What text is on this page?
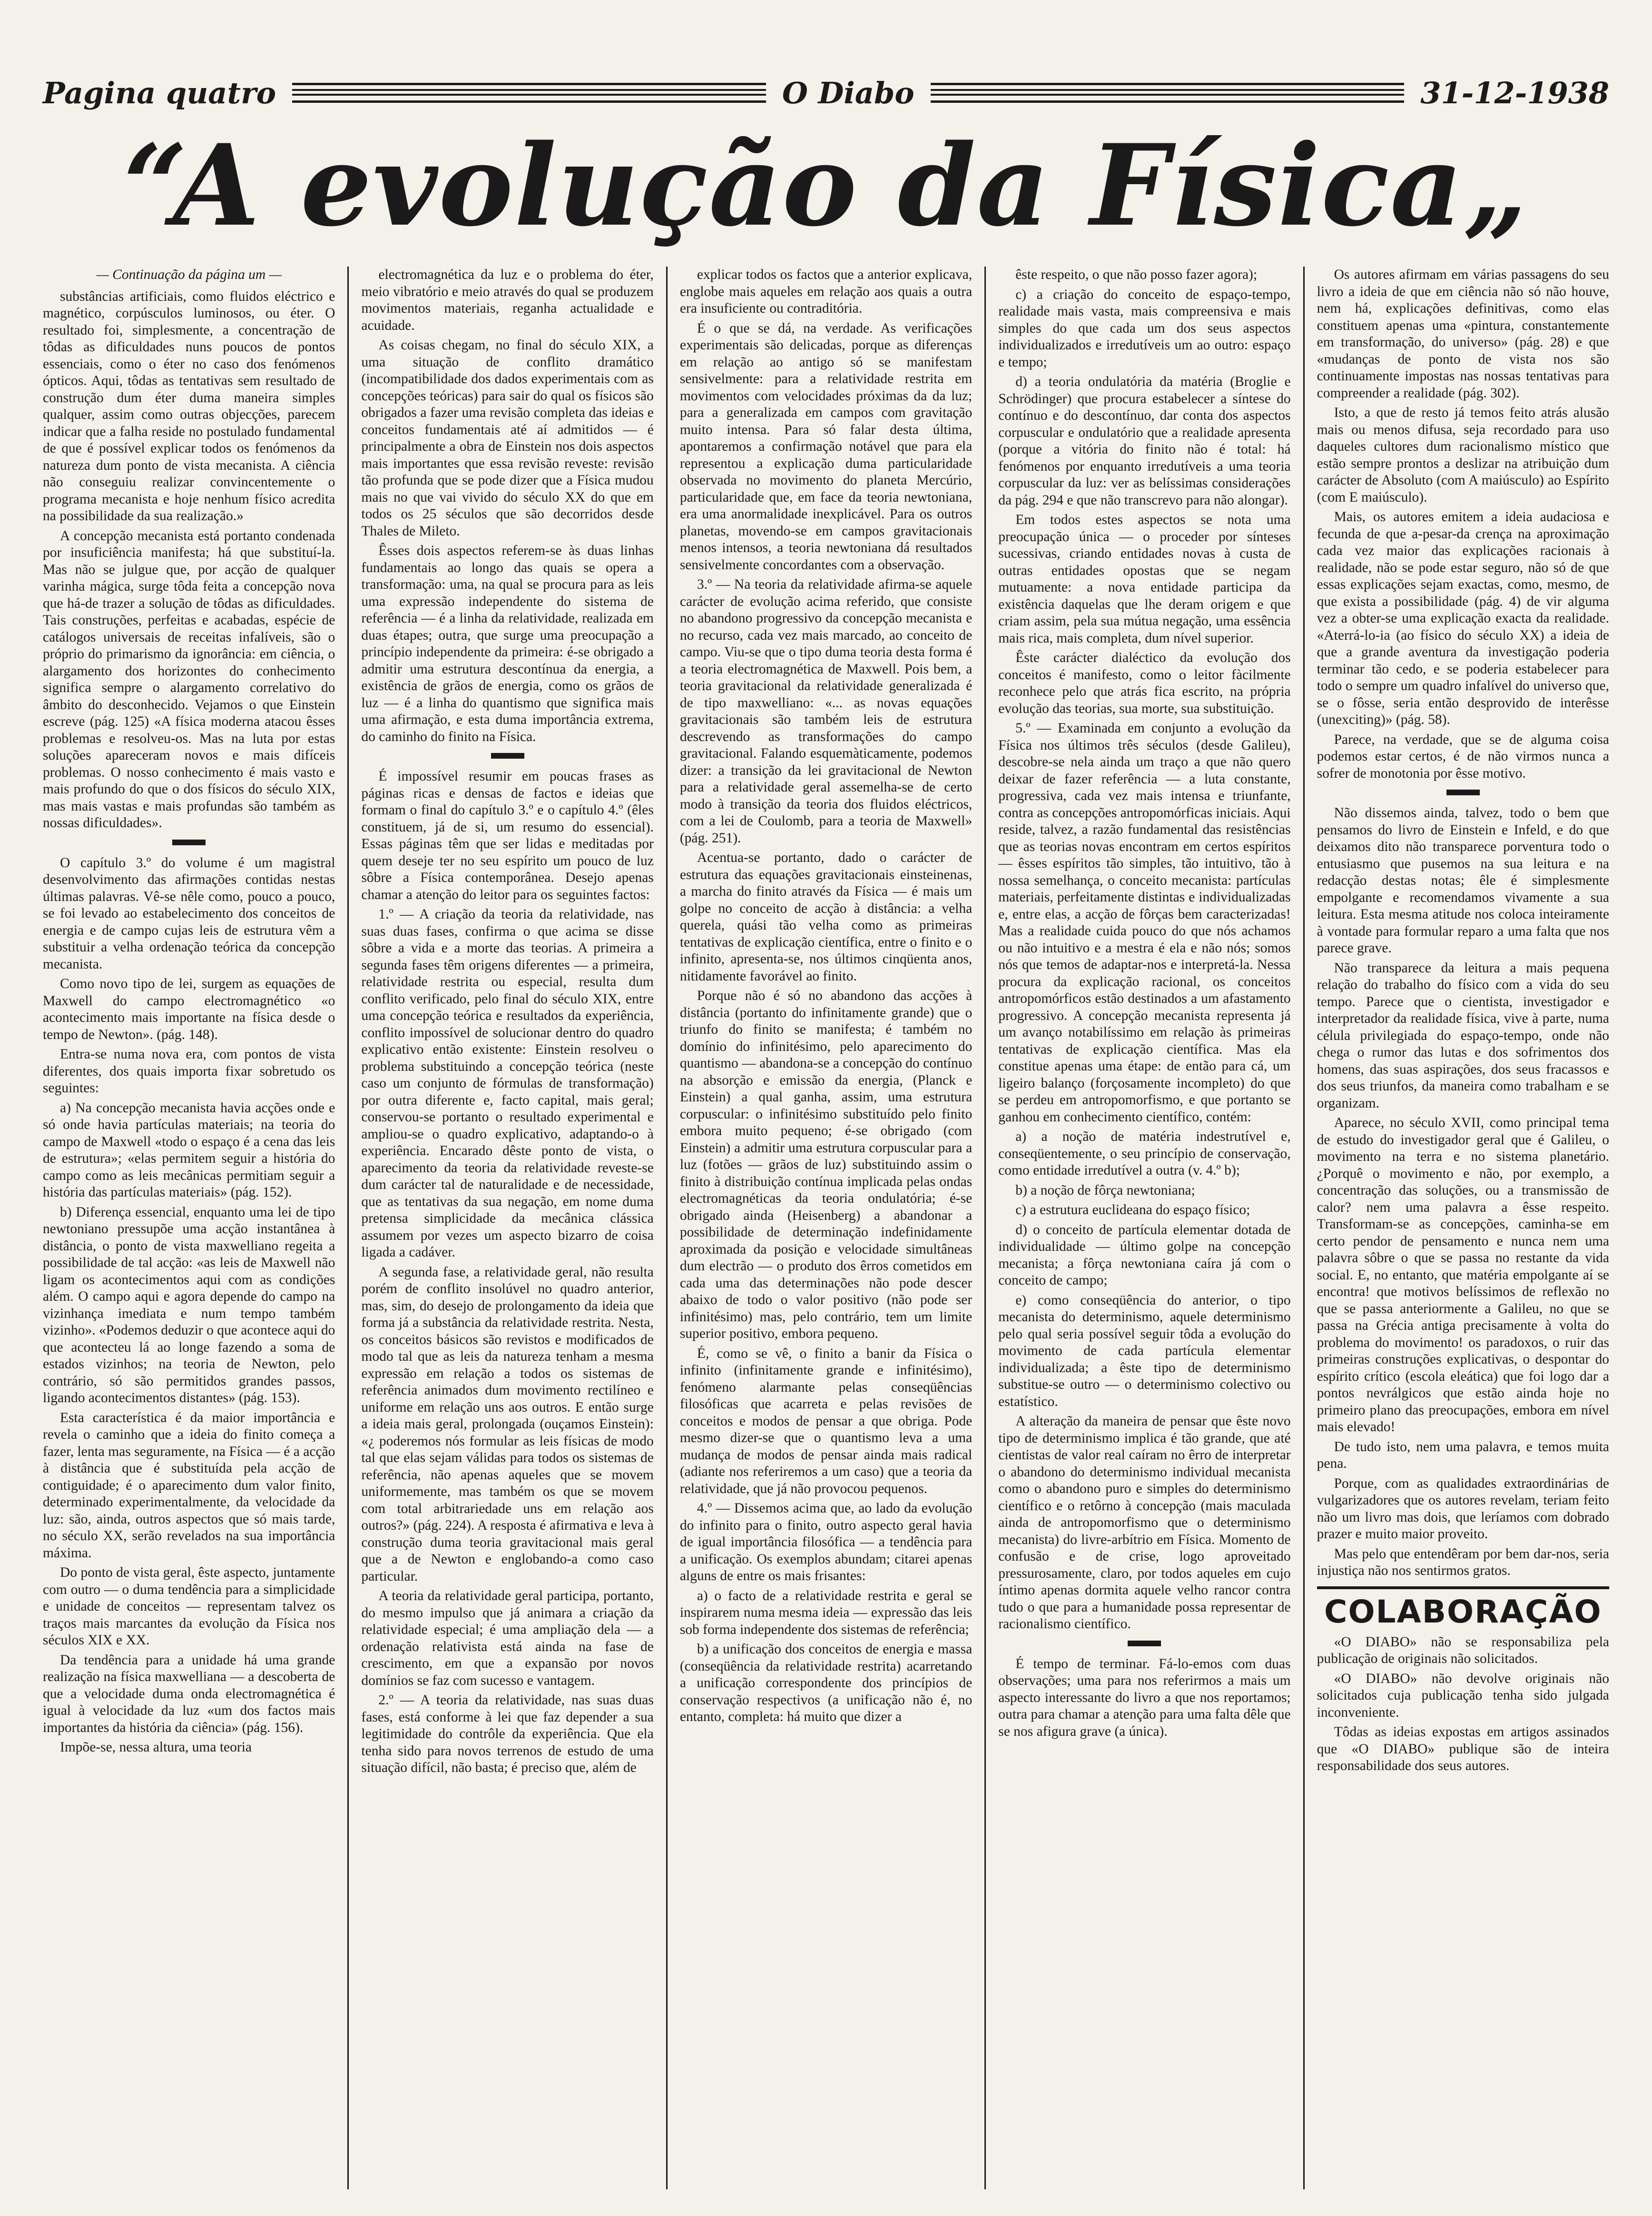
Pagina quatro	O Diabo	31-12-1938
“A evolução da Física„

— Continuação da página um —

substâncias artificiais, como fluidos eléctrico e magnético, corpúsculos luminosos, ou éter. O resultado foi, simplesmente, a concentração de tôdas as dificuldades nuns poucos de pontos essenciais, como o éter no caso dos fenómenos ópticos. Aqui, tôdas as tentativas sem resultado de construção dum éter duma maneira simples qualquer, assim como outras objecções, parecem indicar que a falha reside no postulado fundamental de que é possível explicar todos os fenómenos da natureza dum ponto de vista mecanista. A ciência não conseguiu realizar convincentemente o programa mecanista e hoje nenhum físico acredita na possibilidade da sua realização.»

A concepção mecanista está portanto condenada por insuficiência manifesta; há que substituí-la. Mas não se julgue que, por acção de qualquer varinha mágica, surge tôda feita a concepção nova que há-de trazer a solução de tôdas as dificuldades. Tais construções, perfeitas e acabadas, espécie de catálogos universais de receitas infalíveis, são o próprio do primarismo da ignorância: em ciência, o alargamento dos horizontes do conhecimento significa sempre o alargamento correlativo do âmbito do desconhecido. Vejamos o que Einstein escreve (pág. 125) «A física moderna atacou êsses problemas e resolveu-os. Mas na luta por estas soluções apareceram novos e mais difíceis problemas. O nosso conhecimento é mais vasto e mais profundo do que o dos físicos do século XIX, mas mais vastas e mais profundas são também as nossas dificuldades».

O capítulo 3.º do volume é um magistral desenvolvimento das afirmações contidas nestas últimas palavras. Vê-se nêle como, pouco a pouco, se foi levado ao estabelecimento dos conceitos de energia e de campo cujas leis de estrutura vêm a substituir a velha ordenação teórica da concepção mecanista.

Como novo tipo de lei, surgem as equações de Maxwell do campo electromagnético «o acontecimento mais importante na física desde o tempo de Newton». (pág. 148).

Entra-se numa nova era, com pontos de vista diferentes, dos quais importa fixar sobretudo os seguintes:

a) Na concepção mecanista havia acções onde e só onde havia partículas materiais; na teoria do campo de Maxwell «todo o espaço é a cena das leis de estrutura»; «elas permitem seguir a história do campo como as leis mecânicas permitiam seguir a história das partículas materiais» (pág. 152).

b) Diferença essencial, enquanto uma lei de tipo newtoniano pressupõe uma acção instantânea à distância, o ponto de vista maxwelliano regeita a possibilidade de tal acção: «as leis de Maxwell não ligam os acontecimentos aqui com as condições além. O campo aqui e agora depende do campo na vizinhança imediata e num tempo também vizinho». «Podemos deduzir o que acontece aqui do que acontecteu lá ao longe fazendo a soma de estados vizinhos; na teoria de Newton, pelo contrário, só são permitidos grandes passos, ligando acontecimentos distantes» (pág. 153).

Esta característica é da maior importância e revela o caminho que a ideia do finito começa a fazer, lenta mas seguramente, na Física — é a acção à distância que é substituída pela acção de contiguidade; é o aparecimento dum valor finito, determinado experimentalmente, da velocidade da luz: são, ainda, outros aspectos que só mais tarde, no século XX, serão revelados na sua importância máxima.

Do ponto de vista geral, êste aspecto, juntamente com outro — o duma tendência para a simplicidade e unidade de conceitos — representam talvez os traços mais marcantes da evolução da Física nos séculos XIX e XX.

Da tendência para a unidade há uma grande realização na física maxwelliana — a descoberta de que a velocidade duma onda electromagnética é igual à velocidade da luz «um dos factos mais importantes da história da ciência» (pág. 156).

Impõe-se, nessa altura, uma teoria

electromagnética da luz e o problema do éter, meio vibratório e meio através do qual se produzem movimentos materiais, reganha actualidade e acuidade.

As coisas chegam, no final do século XIX, a uma situação de conflito dramático (incompatibilidade dos dados experimentais com as concepções teóricas) para sair do qual os físicos são obrigados a fazer uma revisão completa das ideias e conceitos fundamentais até aí admitidos — é principalmente a obra de Einstein nos dois aspectos mais importantes que essa revisão reveste: revisão tão profunda que se pode dizer que a Física mudou mais no que vai vivido do século XX do que em todos os 25 séculos que são decorridos desde Thales de Mileto.

Êsses dois aspectos referem-se às duas linhas fundamentais ao longo das quais se opera a transformação: uma, na qual se procura para as leis uma expressão independente do sistema de referência — é a linha da relatividade, realizada em duas étapes; outra, que surge uma preocupação a princípio independente da primeira: é-se obrigado a admitir uma estrutura descontínua da energia, a existência de grãos de energia, como os grãos de luz — é a linha do quantismo que significa mais uma afirmação, e esta duma importância extrema, do caminho do finito na Física.

É impossível resumir em poucas frases as páginas ricas e densas de factos e ideias que formam o final do capítulo 3.º e o capítulo 4.º (êles constituem, já de si, um resumo do essencial). Essas páginas têm que ser lidas e meditadas por quem deseje ter no seu espírito um pouco de luz sôbre a Física contemporânea. Desejo apenas chamar a atenção do leitor para os seguintes factos:

1.º — A criação da teoria da relatividade, nas suas duas fases, confirma o que acima se disse sôbre a vida e a morte das teorias. A primeira a segunda fases têm origens diferentes — a primeira, relatividade restrita ou especial, resulta dum conflito verificado, pelo final do século XIX, entre uma concepção teórica e resultados da experiência, conflito impossível de solucionar dentro do quadro explicativo então existente: Einstein resolveu o problema substituindo a concepção teórica (neste caso um conjunto de fórmulas de transformação) por outra diferente e, facto capital, mais geral; conservou-se portanto o resultado experimental e ampliou-se o quadro explicativo, adaptando-o à experiência. Encarado dêste ponto de vista, o aparecimento da teoria da relatividade reveste-se dum carácter tal de naturalidade e de necessidade, que as tentativas da sua negação, em nome duma pretensa simplicidade da mecânica clássica assumem por vezes um aspecto bizarro de coisa ligada a cadáver.

A segunda fase, a relatividade geral, não resulta porém de conflito insolúvel no quadro anterior, mas, sim, do desejo de prolongamento da ideia que forma já a substância da relatividade restrita. Nesta, os conceitos básicos são revistos e modificados de modo tal que as leis da natureza tenham a mesma expressão em relação a todos os sistemas de referência animados dum movimento rectilíneo e uniforme em relação uns aos outros. E então surge a ideia mais geral, prolongada (ouçamos Einstein): «¿ poderemos nós formular as leis físicas de modo tal que elas sejam válidas para todos os sistemas de referência, não apenas aqueles que se movem uniformemente, mas também os que se movem com total arbitrariedade uns em relação aos outros?» (pág. 224). A resposta é afirmativa e leva à construção duma teoria gravitacional mais geral que a de Newton e englobando-a como caso particular.

A teoria da relatividade geral participa, portanto, do mesmo impulso que já animara a criação da relatividade especial; é uma ampliação dela — a ordenação relativista está ainda na fase de crescimento, em que a expansão por novos domínios se faz com sucesso e vantagem.

2.º — A teoria da relatividade, nas suas duas fases, está conforme à lei que faz depender a sua legitimidade do contrôle da experiência. Que ela tenha sido para novos terrenos de estudo de uma situação difícil, não basta; é preciso que, além de

explicar todos os factos que a anterior explicava, englobe mais aqueles em relação aos quais a outra era insuficiente ou contraditória.

É o que se dá, na verdade. As verificações experimentais são delicadas, porque as diferenças em relação ao antigo só se manifestam sensivelmente: para a relatividade restrita em movimentos com velocidades próximas da da luz; para a generalizada em campos com gravitação muito intensa. Para só falar desta última, apontaremos a confirmação notável que para ela representou a explicação duma particularidade observada no movimento do planeta Mercúrio, particularidade que, em face da teoria newtoniana, era uma anormalidade inexplicável. Para os outros planetas, movendo-se em campos gravitacionais menos intensos, a teoria newtoniana dá resultados sensivelmente concordantes com a observação.

3.º — Na teoria da relatividade afirma-se aquele carácter de evolução acima referido, que consiste no abandono progressivo da concepção mecanista e no recurso, cada vez mais marcado, ao conceito de campo. Viu-se que o tipo duma teoria desta forma é a teoria electromagnética de Maxwell. Pois bem, a teoria gravitacional da relatividade generalizada é de tipo maxwelliano: «... as novas equações gravitacionais são também leis de estrutura descrevendo as transformações do campo gravitacional. Falando esquemàticamente, podemos dizer: a transição da lei gravitacional de Newton para a relatividade geral assemelha-se de certo modo à transição da teoria dos fluidos eléctricos, com a lei de Coulomb, para a teoria de Maxwell» (pág. 251).

Acentua-se portanto, dado o carácter de estrutura das equações gravitacionais einsteinenas, a marcha do finito através da Física — é mais um golpe no conceito de acção à distância: a velha querela, quási tão velha como as primeiras tentativas de explicação científica, entre o finito e o infinito, apresenta-se, nos últimos cinqüenta anos, nitidamente favorável ao finito.

Porque não é só no abandono das acções à distância (portanto do infinitamente grande) que o triunfo do finito se manifesta; é também no domínio do infinitésimo, pelo aparecimento do quantismo — abandona-se a concepção do contínuo na absorção e emissão da energia, (Planck e Einstein) a qual ganha, assim, uma estrutura corpuscular: o infinitésimo substituído pelo finito embora muito pequeno; é-se obrigado (com Einstein) a admitir uma estrutura corpuscular para a luz (fotões — grãos de luz) substituindo assim o finito à distribuição contínua implicada pelas ondas electromagnéticas da teoria ondulatória; é-se obrigado ainda (Heisenberg) a abandonar a possibilidade de determinação indefinidamente aproximada da posição e velocidade simultâneas dum electrão — o produto dos êrros cometidos em cada uma das determinações não pode descer abaixo de todo o valor positivo (não pode ser infinitésimo) mas, pelo contrário, tem um limite superior positivo, embora pequeno.

É, como se vê, o finito a banir da Física o infinito (infinitamente grande e infinitésimo), fenómeno alarmante pelas conseqüências filosóficas que acarreta e pelas revisões de conceitos e modos de pensar a que obriga. Pode mesmo dizer-se que o quantismo leva a uma mudança de modos de pensar ainda mais radical (adiante nos referiremos a um caso) que a teoria da relatividade, que já não provocou pequenos.

4.º — Dissemos acima que, ao lado da evolução do infinito para o finito, outro aspecto geral havia de igual importância filosófica — a tendência para a unificação. Os exemplos abundam; citarei apenas alguns de entre os mais frisantes:

a) o facto de a relatividade restrita e geral se inspirarem numa mesma ideia — expressão das leis sob forma independente dos sistemas de referência;

b) a unificação dos conceitos de energia e massa (conseqüência da relatividade restrita) acarretando a unificação correspondente dos princípios de conservação respectivos (a unificação não é, no entanto, completa: há muito que dizer a

êste respeito, o que não posso fazer agora);

c) a criação do conceito de espaço-tempo, realidade mais vasta, mais compreensiva e mais simples do que cada um dos seus aspectos individualizados e irredutíveis um ao outro: espaço e tempo;

d) a teoria ondulatória da matéria (Broglie e Schrödinger) que procura estabelecer a síntese do contínuo e do descontínuo, dar conta dos aspectos corpuscular e ondulatório que a realidade apresenta (porque a vitória do finito não é total: há fenómenos por enquanto irredutíveis a uma teoria corpuscular da luz: ver as belíssimas considerações da pág. 294 e que não transcrevo para não alongar).

Em todos estes aspectos se nota uma preocupação única — o proceder por sínteses sucessivas, criando entidades novas à custa de outras entidades opostas que se negam mutuamente: a nova entidade participa da existência daquelas que lhe deram origem e que criam assim, pela sua mútua negação, uma essência mais rica, mais completa, dum nível superior.

Êste carácter dialéctico da evolução dos conceitos é manifesto, como o leitor fàcilmente reconhece pelo que atrás fica escrito, na própria evolução das teorias, sua morte, sua substituição.

5.º — Examinada em conjunto a evolução da Física nos últimos três séculos (desde Galileu), descobre-se nela ainda um traço a que não quero deixar de fazer referência — a luta constante, progressiva, cada vez mais intensa e triunfante, contra as concepções antropomórficas iniciais. Aqui reside, talvez, a razão fundamental das resistências que as teorias novas encontram em certos espíritos — êsses espíritos tão simples, tão intuitivo, tão à nossa semelhança, o conceito mecanista: partículas materiais, perfeitamente distintas e individualizadas e, entre elas, a acção de fôrças bem caracterizadas! Mas a realidade cuida pouco do que nós achamos ou não intuitivo e a mestra é ela e não nós; somos nós que temos de adaptar-nos e interpretá-la. Nessa procura da explicação racional, os conceitos antropomórficos estão destinados a um afastamento progressivo. A concepção mecanista representa já um avanço notabilíssimo em relação às primeiras tentativas de explicação científica. Mas ela constitue apenas uma étape: de então para cá, um ligeiro balanço (forçosamente incompleto) do que se perdeu em antropomorfismo, e que portanto se ganhou em conhecimento científico, contém:

a) a noção de matéria indestrutível e, conseqüentemente, o seu princípio de conservação, como entidade irredutível a outra (v. 4.º b);

b) a noção de fôrça newtoniana;

c) a estrutura euclideana do espaço físico;

d) o conceito de partícula elementar dotada de individualidade — último golpe na concepção mecanista; a fôrça newtoniana caíra já com o conceito de campo;

e) como conseqüência do anterior, o tipo mecanista do determinismo, aquele determinismo pelo qual seria possível seguir tôda a evolução do movimento de cada partícula elementar individualizada; a êste tipo de determinismo substitue-se outro — o determinismo colectivo ou estatístico.

A alteração da maneira de pensar que êste novo tipo de determinismo implica é tão grande, que até cientistas de valor real caíram no êrro de interpretar o abandono do determinismo individual mecanista como o abandono puro e simples do determinismo científico e o retôrno à concepção (mais maculada ainda de antropomorfismo que o determinismo mecanista) do livre-arbítrio em Física. Momento de confusão e de crise, logo aproveitado pressurosamente, claro, por todos aqueles em cujo íntimo apenas dormita aquele velho rancor contra tudo o que para a humanidade possa representar de racionalismo científico.

É tempo de terminar. Fá-lo-emos com duas observações; uma para nos referirmos a mais um aspecto interessante do livro a que nos reportamos; outra para chamar a atenção para uma falta dêle que se nos afigura grave (a única).

Os autores afirmam em várias passagens do seu livro a ideia de que em ciência não só não houve, nem há, explicações definitivas, como elas constituem apenas uma «pintura, constantemente em transformação, do universo» (pág. 28) e que «mudanças de ponto de vista nos são continuamente impostas nas nossas tentativas para compreender a realidade (pág. 302).

Isto, a que de resto já temos feito atrás alusão mais ou menos difusa, seja recordado para uso daqueles cultores dum racionalismo místico que estão sempre prontos a deslizar na atribuição dum carácter de Absoluto (com A maiúsculo) ao Espírito (com E maiúsculo).

Mais, os autores emitem a ideia audaciosa e fecunda de que a-pesar-da crença na aproximação cada vez maior das explicações racionais à realidade, não se pode estar seguro, não só de que essas explicações sejam exactas, como, mesmo, de que exista a possibilidade (pág. 4) de vir alguma vez a obter-se uma explicação exacta da realidade. «Aterrá-lo-ia (ao físico do século XX) a ideia de que a grande aventura da investigação poderia terminar tão cedo, e se poderia estabelecer para todo o sempre um quadro infalível do universo que, se o fôsse, seria então desprovido de interêsse (unexciting)» (pág. 58).

Parece, na verdade, que se de alguma coisa podemos estar certos, é de não virmos nunca a sofrer de monotonia por êsse motivo.

Não dissemos ainda, talvez, todo o bem que pensamos do livro de Einstein e Infeld, e do que deixamos dito não transparece porventura todo o entusiasmo que pusemos na sua leitura e na redacção destas notas; êle é simplesmente empolgante e recomendamos vivamente a sua leitura. Esta mesma atitude nos coloca inteiramente à vontade para formular reparo a uma falta que nos parece grave.

Não transparece da leitura a mais pequena relação do trabalho do físico com a vida do seu tempo. Parece que o cientista, investigador e interpretador da realidade física, vive à parte, numa célula privilegiada do espaço-tempo, onde não chega o rumor das lutas e dos sofrimentos dos homens, das suas aspirações, dos seus fracassos e dos seus triunfos, da maneira como trabalham e se organizam.

Aparece, no século XVII, como principal tema de estudo do investigador geral que é Galileu, o movimento na terra e no sistema planetário. ¿Porquê o movimento e não, por exemplo, a concentração das soluções, ou a transmissão de calor? nem uma palavra a êsse respeito. Transformam-se as concepções, caminha-se em certo pendor de pensamento e nunca nem uma palavra sôbre o que se passa no restante da vida social. E, no entanto, que matéria empolgante aí se encontra! que motivos belíssimos de reflexão no que se passa anteriormente a Galileu, no que se passa na Grécia antiga precisamente à volta do problema do movimento! os paradoxos, o ruir das primeiras construções explicativas, o despontar do espírito crítico (escola eleática) que foi logo dar a pontos nevrálgicos que estão ainda hoje no primeiro plano das preocupações, embora em nível mais elevado!

De tudo isto, nem uma palavra, e temos muita pena.

Porque, com as qualidades extraordinárias de vulgarizadores que os autores revelam, teriam feito não um livro mas dois, que leríamos com dobrado prazer e muito maior proveito.

Mas pelo que entendêram por bem dar-nos, seria injustiça não nos sentirmos gratos.

COLABORAÇÃO

«O DIABO» não se responsabiliza pela publicação de originais não solicitados.

«O DIABO» não devolve originais não solicitados cuja publicação tenha sido julgada inconveniente.

Tôdas as ideias expostas em artigos assinados que «O DIABO» publique são de inteira responsabilidade dos seus autores.
